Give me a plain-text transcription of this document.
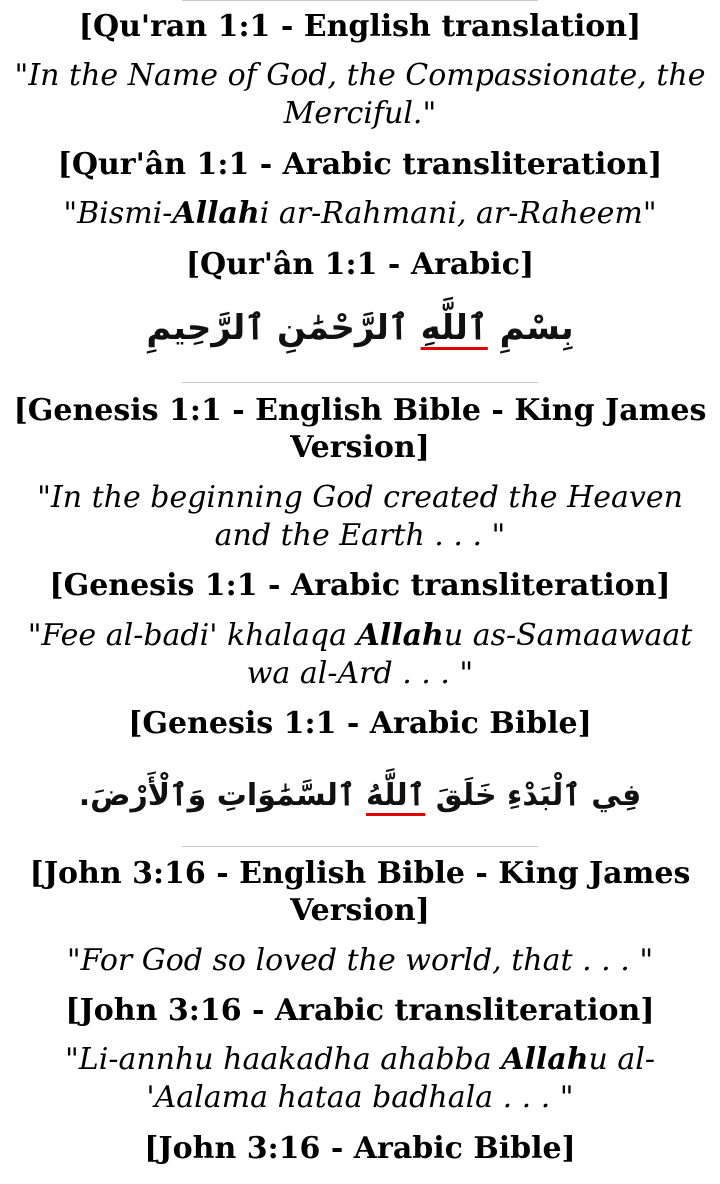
[Qu'ran 1:1 - English translation]
"In the Name of God, the Compassionate, the Merciful."
[Qur'ân 1:1 - Arabic transliteration]
"Bismi-Allahi ar-Rahmani, ar-Raheem"
[Qur'ân 1:1 - Arabic]
بِسْمِ ٱللَّهِ ٱلرَّحْمَٰنِ ٱلرَّحِيمِ
[Genesis 1:1 - English Bible - King James Version]
"In the beginning God created the Heaven and the Earth . . . "
[Genesis 1:1 - Arabic transliteration]
"Fee al-badi' khalaqa Allahu as-Samaawaat wa al-Ard . . . "
[Genesis 1:1 - Arabic Bible]
فِي ٱلْبَدْءِ خَلَقَ ٱللَّهُ ٱلسَّمَٰوَاتِ وَٱلْأَرْضَ.
[John 3:16 - English Bible - King James Version]
"For God so loved the world, that . . . "
[John 3:16 - Arabic transliteration]
"Li-annhu haakadha ahabba Allahu al-'Aalama hataa badhala . . . "
[John 3:16 - Arabic Bible]
